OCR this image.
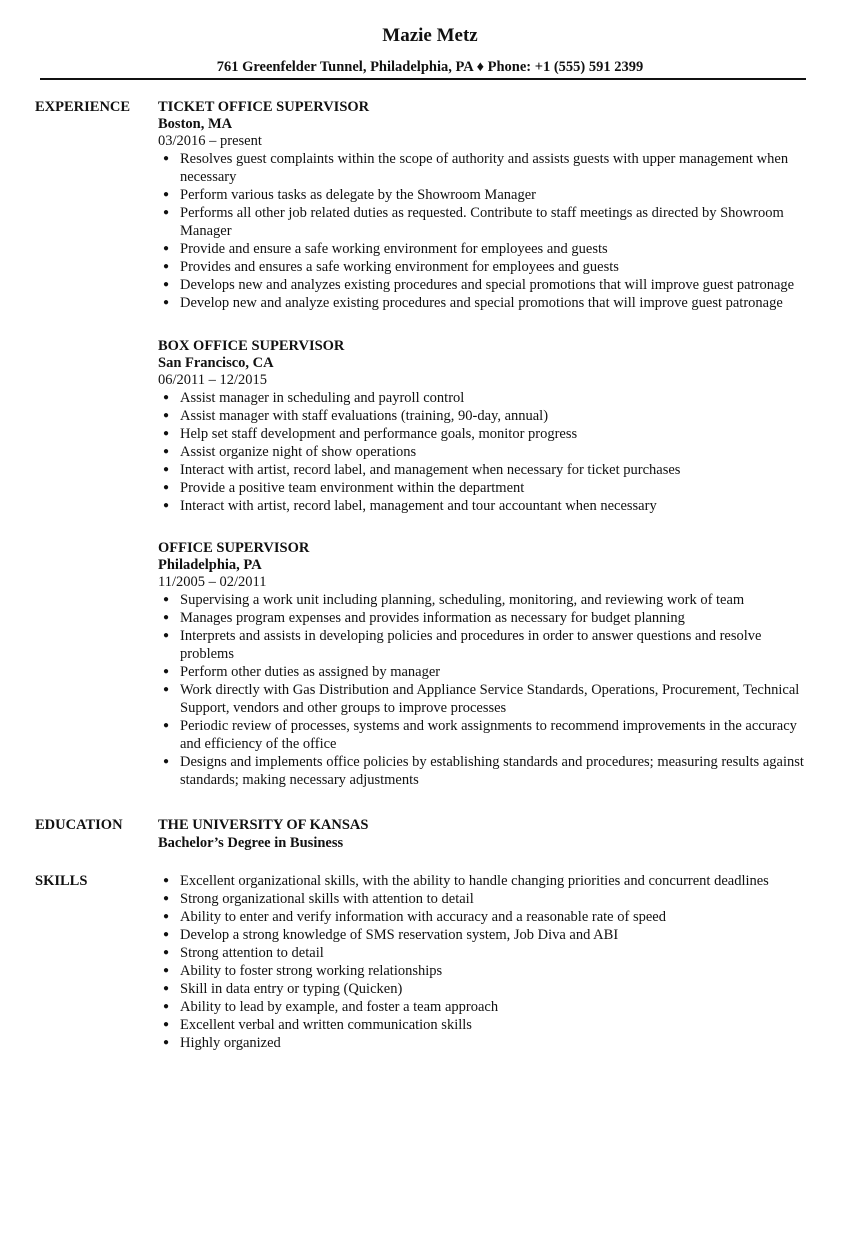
Mazie Metz
761 Greenfelder Tunnel, Philadelphia, PA ♦ Phone: +1 (555) 591 2399
EXPERIENCE TICKET OFFICE SUPERVISOR
Boston, MA
03/2016 – present
● Resolves guest complaints within the scope of authority and assists guests with upper management when necessary
● Perform various tasks as delegate by the Showroom Manager
● Performs all other job related duties as requested. Contribute to staff meetings as directed by Showroom Manager
● Provide and ensure a safe working environment for employees and guests
● Provides and ensures a safe working environment for employees and guests
● Develops new and analyzes existing procedures and special promotions that will improve guest patronage
● Develop new and analyze existing procedures and special promotions that will improve guest patronage
BOX OFFICE SUPERVISOR
San Francisco, CA
06/2011 – 12/2015
● Assist manager in scheduling and payroll control
● Assist manager with staff evaluations (training, 90-day, annual)
● Help set staff development and performance goals, monitor progress
● Assist organize night of show operations
● Interact with artist, record label, and management when necessary for ticket purchases
● Provide a positive team environment within the department
● Interact with artist, record label, management and tour accountant when necessary
OFFICE SUPERVISOR
Philadelphia, PA
11/2005 – 02/2011
● Supervising a work unit including planning, scheduling, monitoring, and reviewing work of team
● Manages program expenses and provides information as necessary for budget planning
● Interprets and assists in developing policies and procedures in order to answer questions and resolve problems
● Perform other duties as assigned by manager
● Work directly with Gas Distribution and Appliance Service Standards, Operations, Procurement, Technical Support, vendors and other groups to improve processes
● Periodic review of processes, systems and work assignments to recommend improvements in the accuracy and efficiency of the office
● Designs and implements office policies by establishing standards and procedures; measuring results against standards; making necessary adjustments
EDUCATION THE UNIVERSITY OF KANSAS
Bachelor’s Degree in Business
SKILLS	● Excellent organizational skills, with the ability to handle changing priorities and concurrent deadlines
● Strong organizational skills with attention to detail
● Ability to enter and verify information with accuracy and a reasonable rate of speed
● Develop a strong knowledge of SMS reservation system, Job Diva and ABI
● Strong attention to detail
● Ability to foster strong working relationships
● Skill in data entry or typing (Quicken)
● Ability to lead by example, and foster a team approach
● Excellent verbal and written communication skills
● Highly organized
